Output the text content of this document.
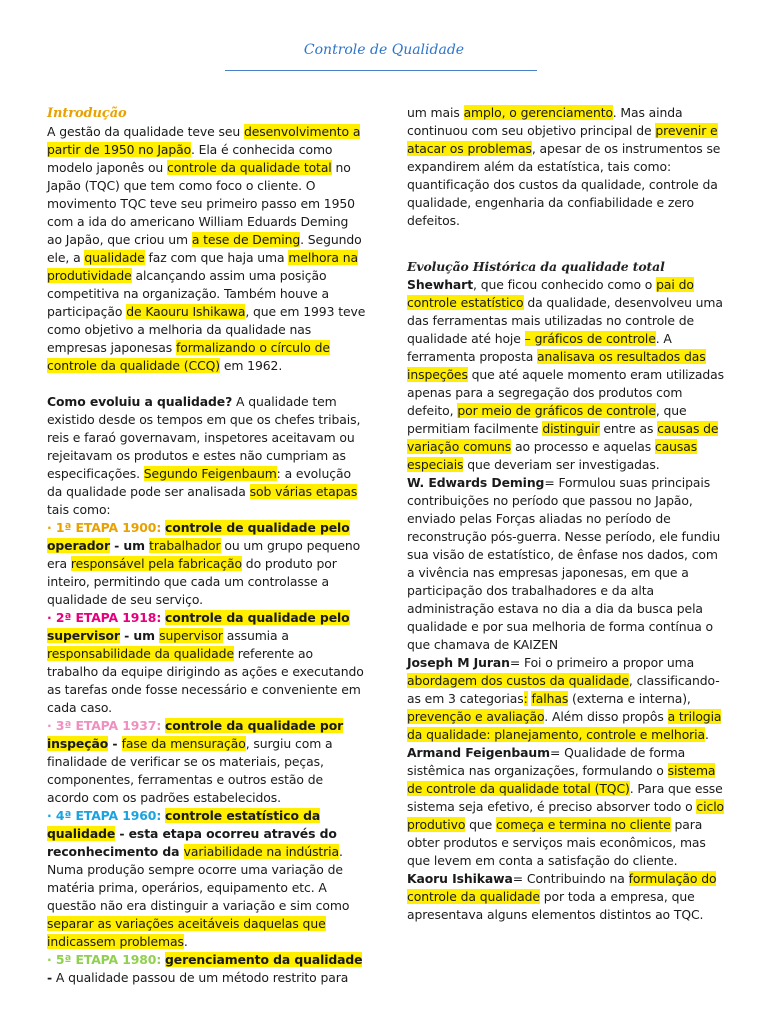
Controle de Qualidade

Introdução
A gestão da qualidade teve seu desenvolvimento a partir de 1950 no Japão. Ela é conhecida como modelo japonês ou controle da qualidade total no Japão (TQC) que tem como foco o cliente. O movimento TQC teve seu primeiro passo em 1950 com a ida do americano William Eduards Deming ao Japão, que criou um a tese de Deming. Segundo ele, a qualidade faz com que haja uma melhora na produtividade alcançando assim uma posição competitiva na organização. Também houve a participação de Kaouru Ishikawa, que em 1993 teve como objetivo a melhoria da qualidade nas empresas japonesas formalizando o círculo de controle da qualidade (CCQ) em 1962.

Como evoluiu a qualidade? A qualidade tem existido desde os tempos em que os chefes tribais, reis e faraó governavam, inspetores aceitavam ou rejeitavam os produtos e estes não cumpriam as especificações. Segundo Feigenbaum: a evolução da qualidade pode ser analisada sob várias etapas tais como:

· 1ª ETAPA 1900: controle de qualidade pelo operador - um trabalhador ou um grupo pequeno era responsável pela fabricação do produto por inteiro, permitindo que cada um controlasse a qualidade de seu serviço.

· 2ª ETAPA 1918: controle da qualidade pelo supervisor - um supervisor assumia a responsabilidade da qualidade referente ao trabalho da equipe dirigindo as ações e executando as tarefas onde fosse necessário e conveniente em cada caso.

· 3ª ETAPA 1937: controle da qualidade por inspeção - fase da mensuração, surgiu com a finalidade de verificar se os materiais, peças, componentes, ferramentas e outros estão de acordo com os padrões estabelecidos.

· 4ª ETAPA 1960: controle estatístico da qualidade - esta etapa ocorreu através do reconhecimento da variabilidade na indústria. Numa produção sempre ocorre uma variação de matéria prima, operários, equipamento etc. A questão não era distinguir a variação e sim como separar as variações aceitáveis daquelas que indicassem problemas.

· 5ª ETAPA 1980: gerenciamento da qualidade - A qualidade passou de um método restrito para

um mais amplo, o gerenciamento. Mas ainda continuou com seu objetivo principal de prevenir e atacar os problemas, apesar de os instrumentos se expandirem além da estatística, tais como: quantificação dos custos da qualidade, controle da qualidade, engenharia da confiabilidade e zero defeitos.

Evolução Histórica da qualidade total
Shewhart, que ficou conhecido como o pai do controle estatístico da qualidade, desenvolveu uma das ferramentas mais utilizadas no controle de qualidade até hoje – gráficos de controle. A ferramenta proposta analisava os resultados das inspeções que até aquele momento eram utilizadas apenas para a segregação dos produtos com defeito, por meio de gráficos de controle, que permitiam facilmente distinguir entre as causas de variação comuns ao processo e aquelas causas especiais que deveriam ser investigadas.

W. Edwards Deming= Formulou suas principais contribuições no período que passou no Japão, enviado pelas Forças aliadas no período de reconstrução pós-guerra. Nesse período, ele fundiu sua visão de estatístico, de ênfase nos dados, com a vivência nas empresas japonesas, em que a participação dos trabalhadores e da alta administração estava no dia a dia da busca pela qualidade e por sua melhoria de forma contínua o que chamava de KAIZEN

Joseph M Juran= Foi o primeiro a propor uma abordagem dos custos da qualidade, classificando-as em 3 categorias: falhas (externa e interna), prevenção e avaliação. Além disso propôs a trilogia da qualidade: planejamento, controle e melhoria.

Armand Feigenbaum= Qualidade de forma sistêmica nas organizações, formulando o sistema de controle da qualidade total (TQC). Para que esse sistema seja efetivo, é preciso absorver todo o ciclo produtivo que começa e termina no cliente para obter produtos e serviços mais econômicos, mas que levem em conta a satisfação do cliente.

Kaoru Ishikawa= Contribuindo na formulação do controle da qualidade por toda a empresa, que apresentava alguns elementos distintos ao TQC.
